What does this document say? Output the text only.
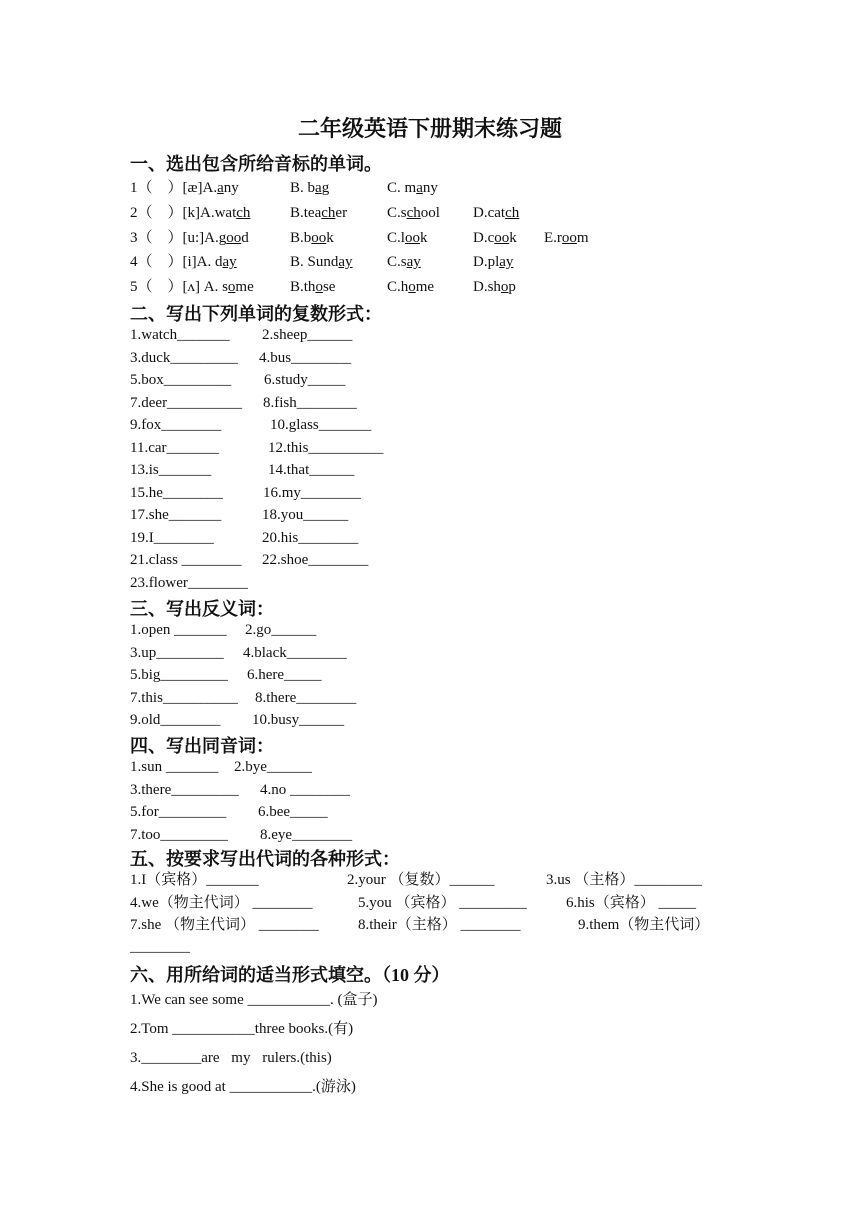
二年级英语下册期末练习题
一、选出包含所给音标的单词。
1（　）[æ]A.any	B. bag	C. many
2（　）[k]A.watch	B.teacher	C.school D.catch
3（　）[u:]A.good	B.book	C.look	D.cook E.room
4（　）[i]A. day	B. Sunday C.say	D.play
5（　）[ʌ] A. some B.those	C.home	D.shop
二、写出下列单词的复数形式：
1.watch_______ 2.sheep______
3.duck_________ 4.bus________
5.box_________ 6.study_____
7.deer__________ 8.fish________
9.fox________	10.glass_______
11.car_______	12.this__________
13.is_______	14.that______
15.he________	16.my________
17.she_______	18.you______
19.I________	20.his________
21.class ________ 22.shoe________
23.flower________
三、写出反义词：
1.open _______ 2.go______
3.up_________ 4.black________
5.big_________ 6.here_____
7.this__________ 8.there________
9.old________ 10.busy______
四、写出同音词：
1.sun _______ 2.bye______
3.there_________ 4.no ________
5.for_________ 6.bee_____
7.too_________ 8.eye________
五、按要求写出代词的各种形式：
1.I（宾格）_______	2.your （复数）______	3.us （主格）_________
4.we（物主代词） ________	5.you （宾格） _________	6.his（宾格） _____
7.she （物主代词） ________	8.their（主格） ________	9.them（物主代词）
________
六、用所给词的适当形式填空。（10 分）
1.We can see some ___________. (盒子)
2.Tom ___________three books.(有)
3.________are my rulers.(this)
4.She is good at ___________.(游泳)
